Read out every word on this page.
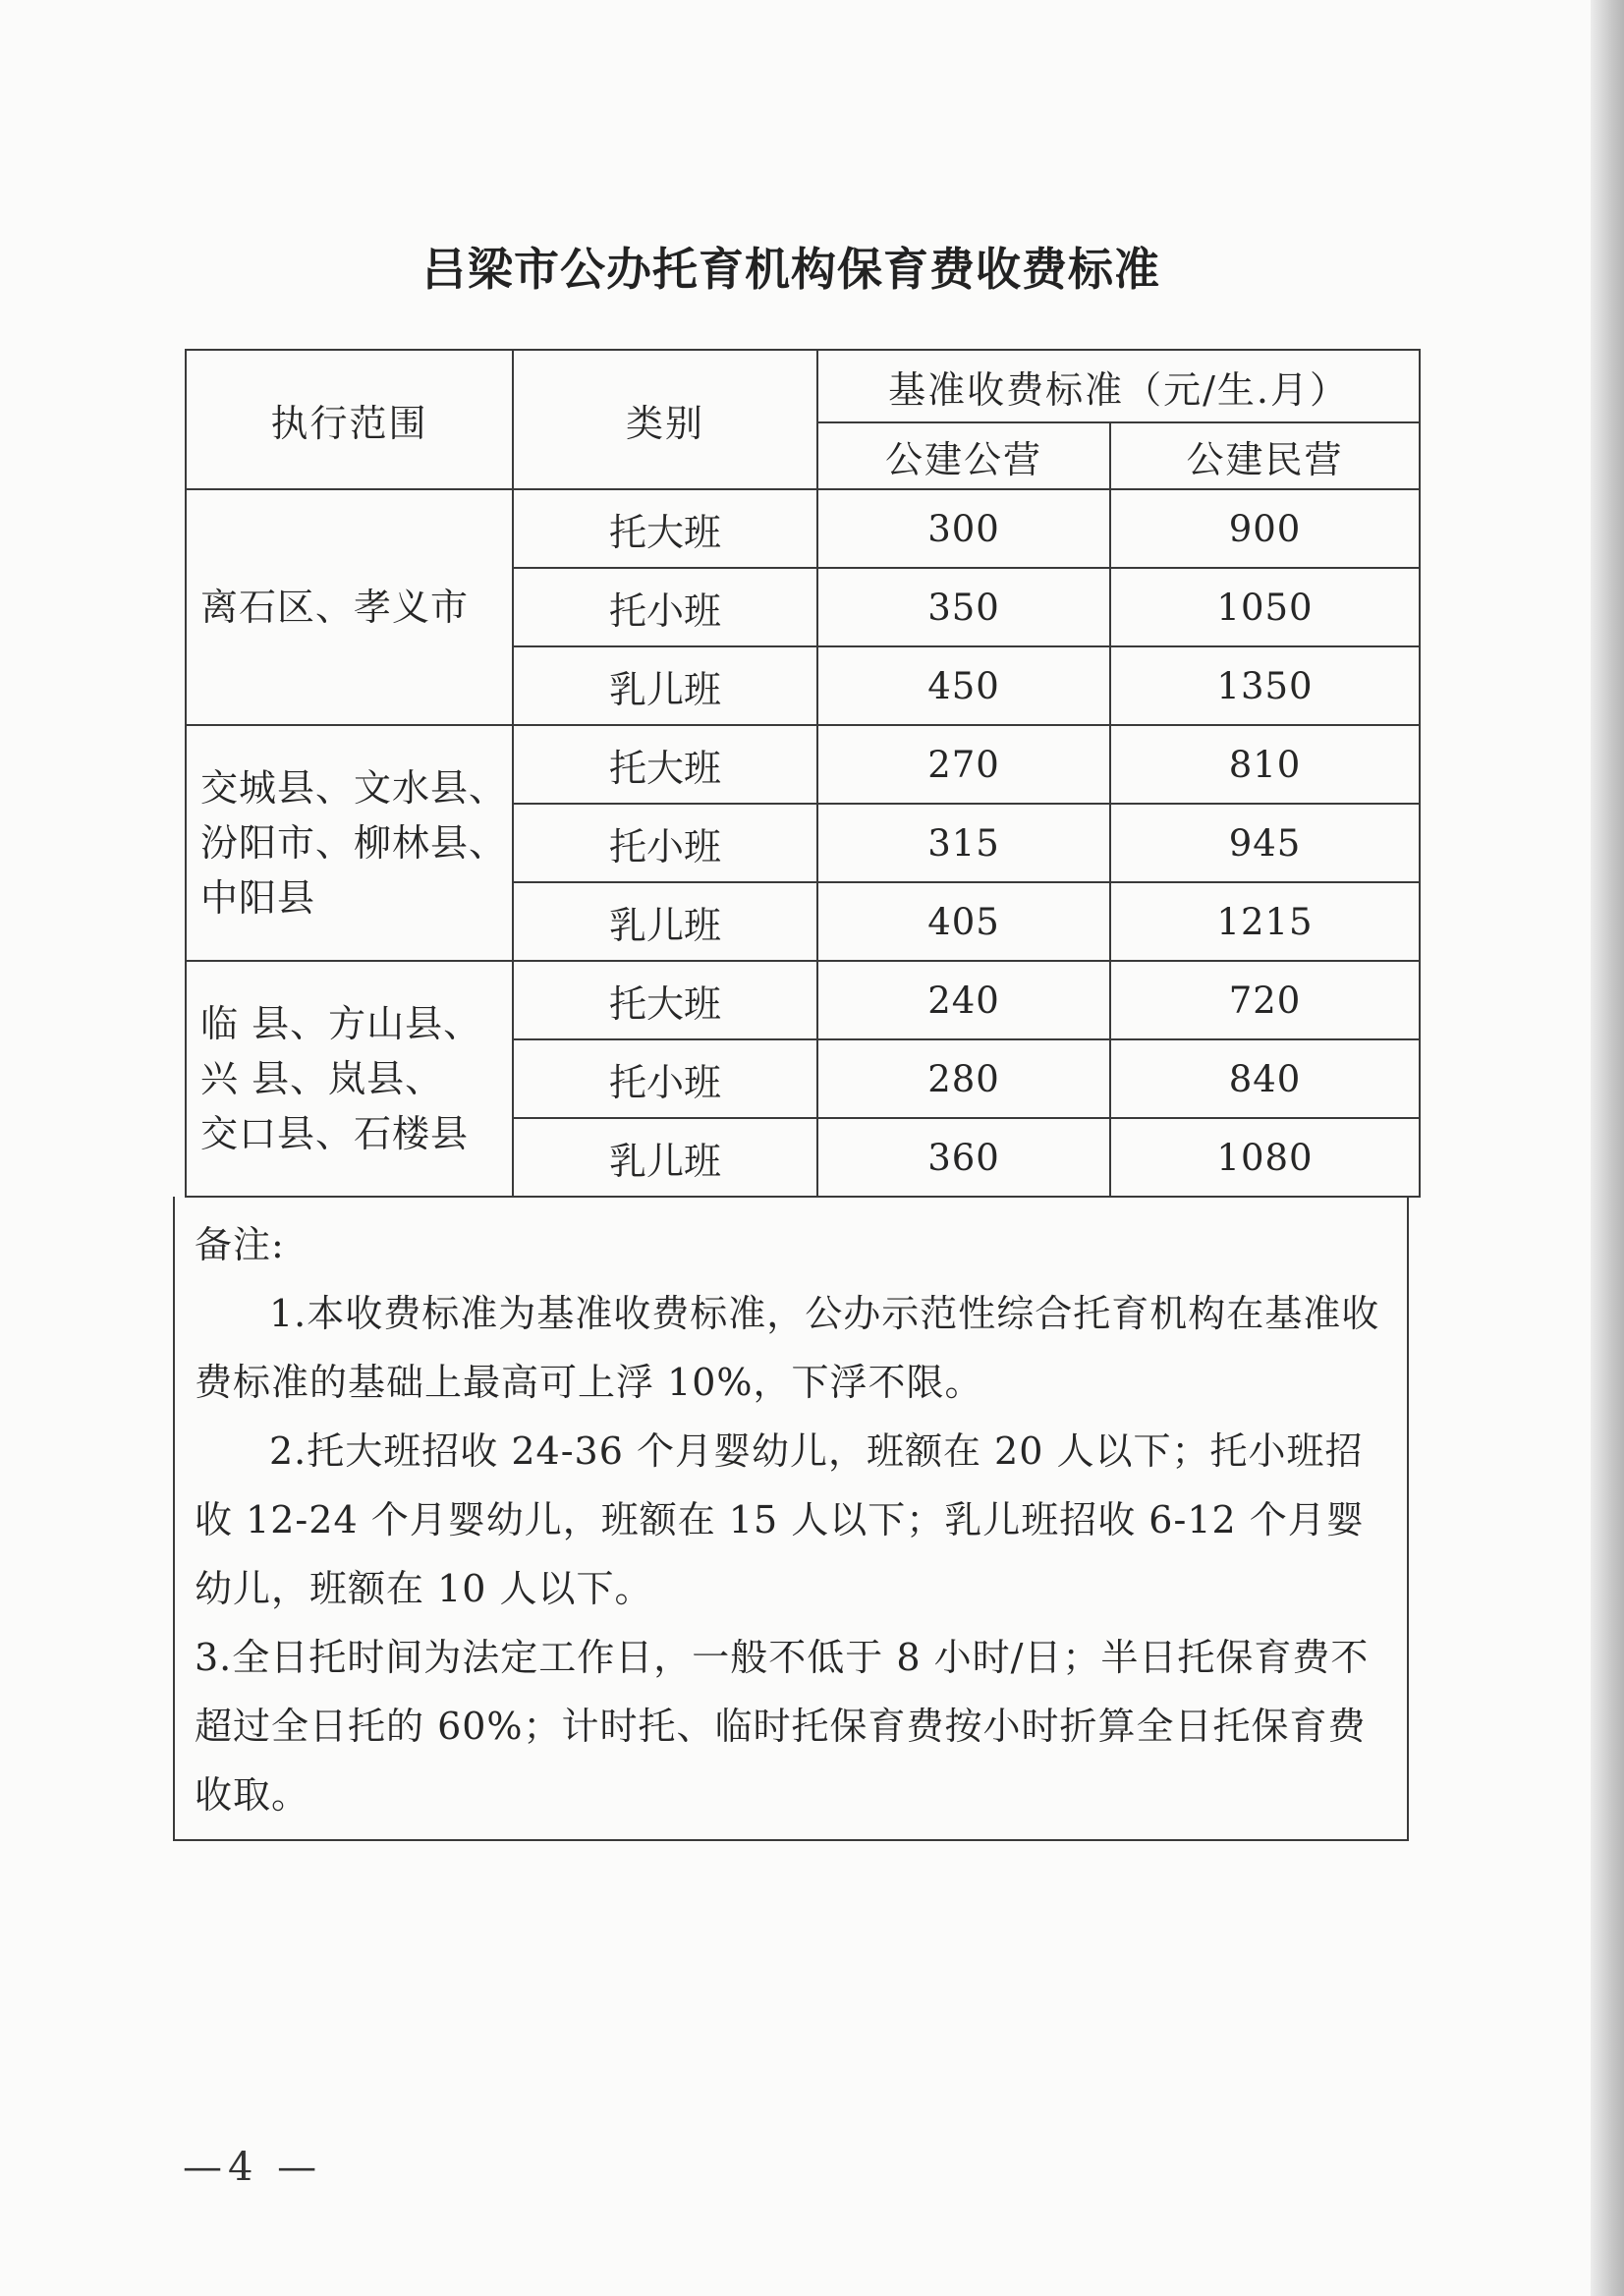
吕梁市公办托育机构保育费收费标准
执行范围	类别	基准收费标准（元/生.月）	
		公建公营	公建民营

离石区、孝义市	托大班	300	900
	托小班	350	1050
	乳儿班	450	1350

交城县、文水县、
汾阳市、柳林县、
中阳县	托大班	270	810
	托小班	315	945
	乳儿班	405	1215

临 县、方山县、
兴 县、岚县、
交口县、石楼县	托大班	240	720
	托小班	280	840
	乳儿班	360	1080

备注:

1.本收费标准为基准收费标准，公办示范性综合托育机构在基准收费标准的基础上最高可上浮 10%，下浮不限。

2.托大班招收 24-36 个月婴幼儿，班额在 20 人以下；托小班招收 12-24 个月婴幼儿，班额在 15 人以下；乳儿班招收 6-12 个月婴幼儿，班额在 10 人以下。

3.全日托时间为法定工作日，一般不低于 8 小时/日；半日托保育费不超过全日托的 60%；计时托、临时托保育费按小时折算全日托保育费收取。

—4 —
